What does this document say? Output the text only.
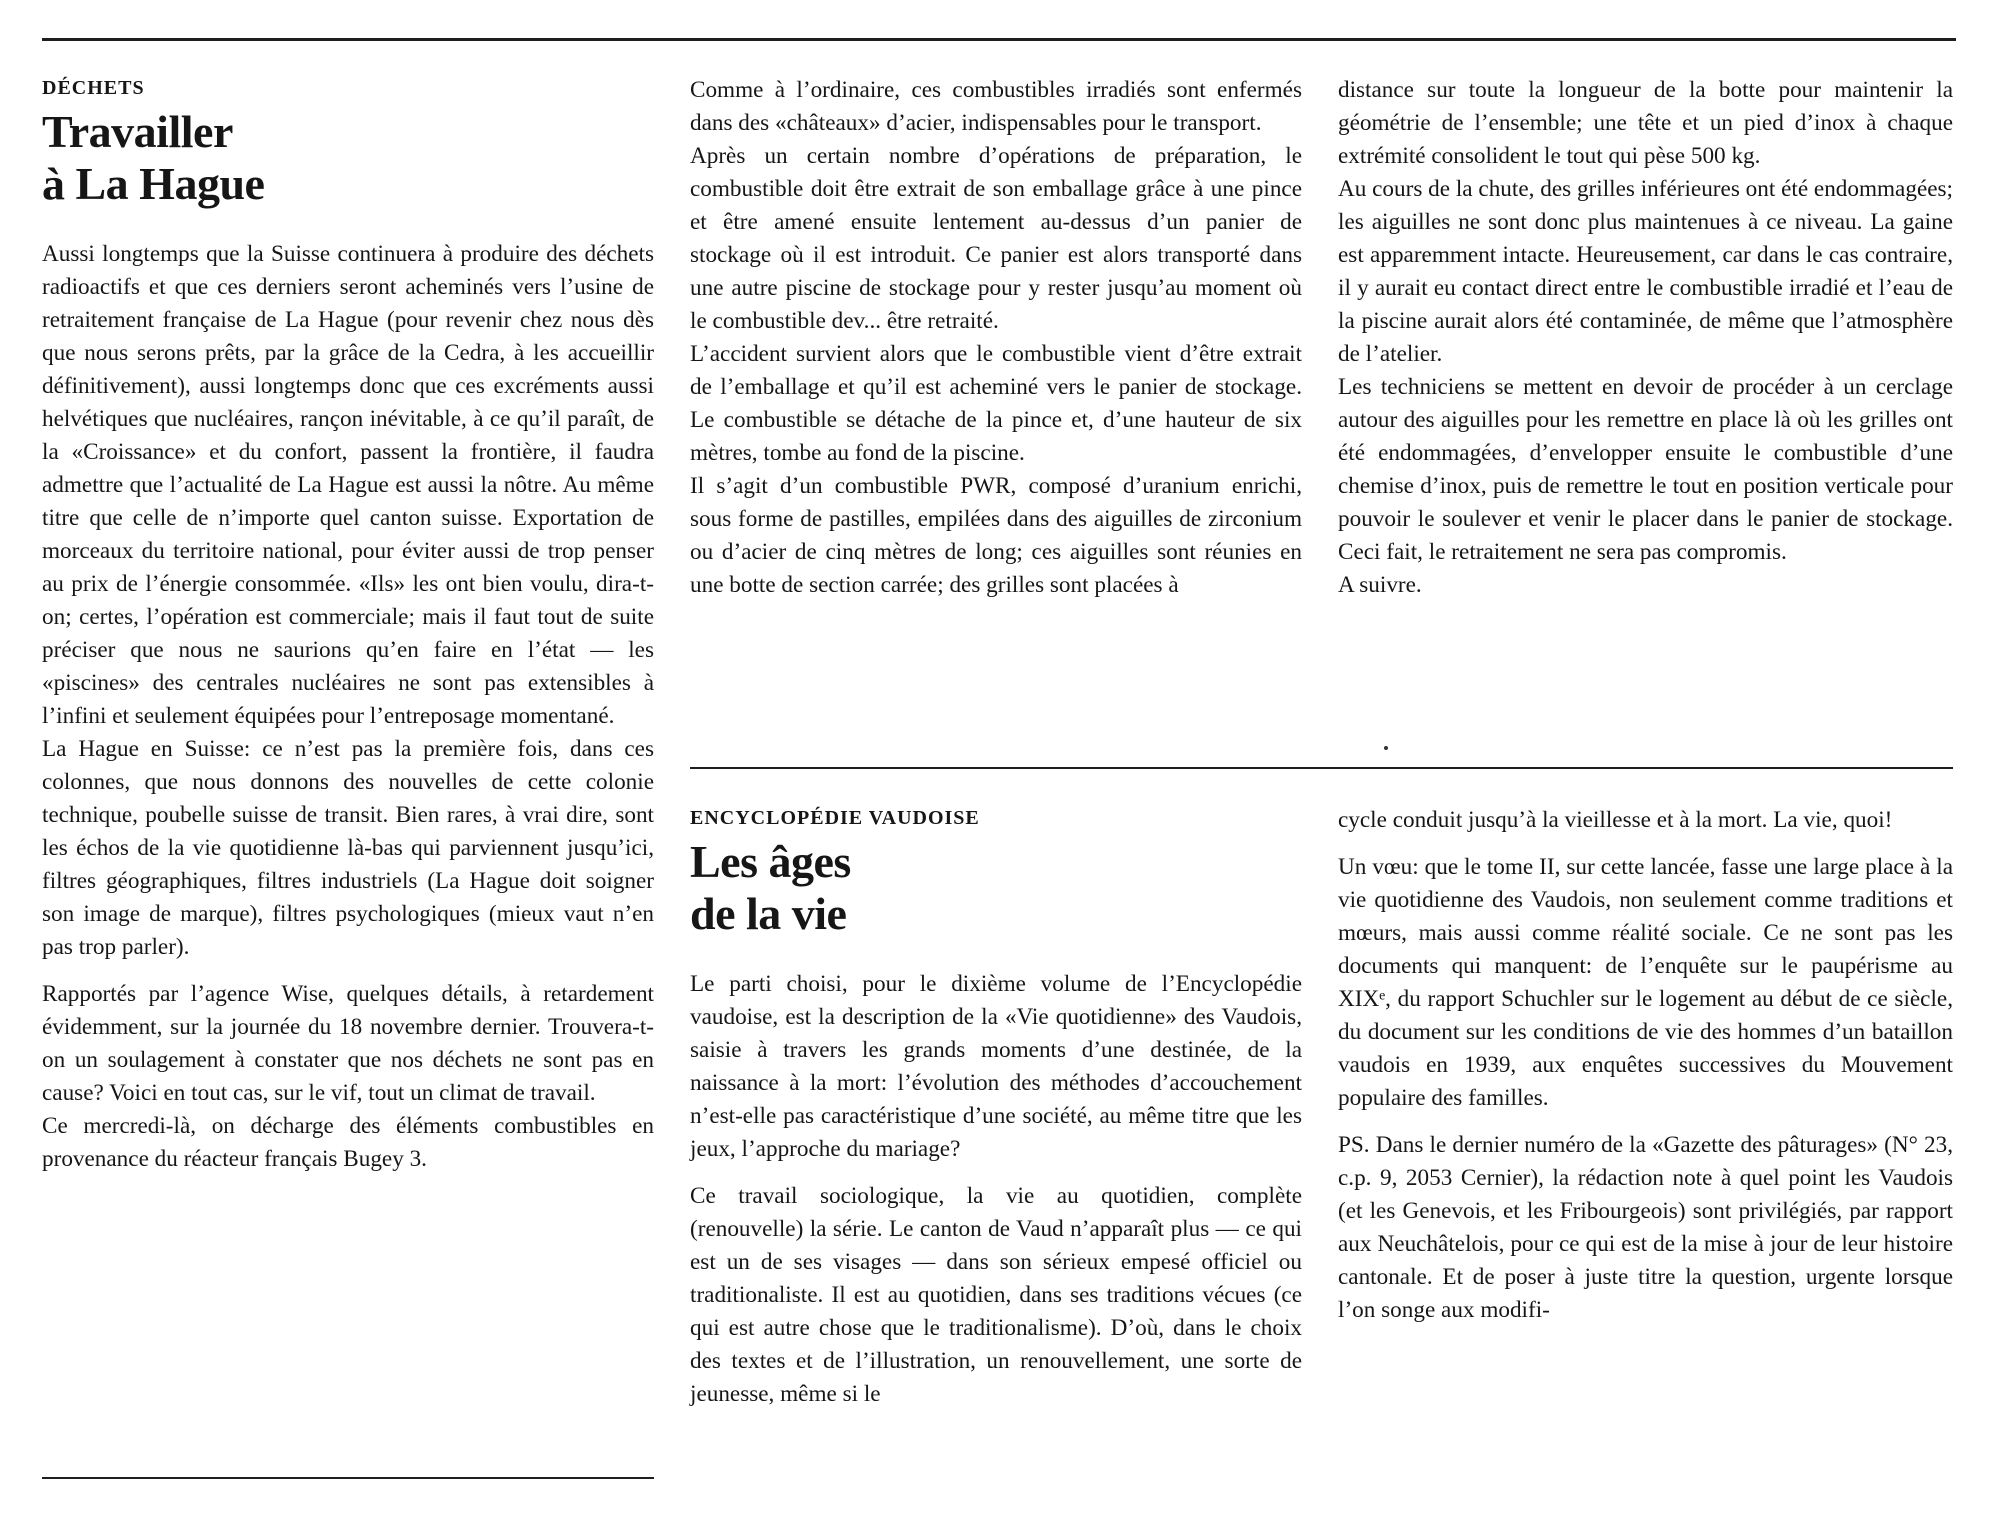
DÉCHETS
Travailler
à La Hague

Aussi longtemps que la Suisse continuera à produire des déchets radioactifs et que ces derniers seront acheminés vers l’usine de retraitement française de La Hague (pour revenir chez nous dès que nous serons prêts, par la grâce de la Cedra, à les accueillir définitivement), aussi longtemps donc que ces excréments aussi helvétiques que nucléaires, rançon inévitable, à ce qu’il paraît, de la «Croissance» et du confort, passent la frontière, il faudra admettre que l’actualité de La Hague est aussi la nôtre. Au même titre que celle de n’importe quel canton suisse. Exportation de morceaux du territoire national, pour éviter aussi de trop penser au prix de l’énergie consommée. «Ils» les ont bien voulu, dira-t-on; certes, l’opération est commerciale; mais il faut tout de suite préciser que nous ne saurions qu’en faire en l’état — les «piscines» des centrales nucléaires ne sont pas extensibles à l’infini et seulement équipées pour l’entreposage momentané.

La Hague en Suisse: ce n’est pas la première fois, dans ces colonnes, que nous donnons des nouvelles de cette colonie technique, poubelle suisse de transit. Bien rares, à vrai dire, sont les échos de la vie quotidienne là-bas qui parviennent jusqu’ici, filtres géographiques, filtres industriels (La Hague doit soigner son image de marque), filtres psychologiques (mieux vaut n’en pas trop parler).

Rapportés par l’agence Wise, quelques détails, à retardement évidemment, sur la journée du 18 novembre dernier. Trouvera-t-on un soulagement à constater que nos déchets ne sont pas en cause? Voici en tout cas, sur le vif, tout un climat de travail.

Ce mercredi-là, on décharge des éléments combustibles en provenance du réacteur français Bugey 3.

Comme à l’ordinaire, ces combustibles irradiés sont enfermés dans des «châteaux» d’acier, indispensables pour le transport.

Après un certain nombre d’opérations de préparation, le combustible doit être extrait de son emballage grâce à une pince et être amené ensuite lentement au-dessus d’un panier de stockage où il est introduit. Ce panier est alors transporté dans une autre piscine de stockage pour y rester jusqu’au moment où le combustible dev... être retraité.

L’accident survient alors que le combustible vient d’être extrait de l’emballage et qu’il est acheminé vers le panier de stockage. Le combustible se détache de la pince et, d’une hauteur de six mètres, tombe au fond de la piscine.

Il s’agit d’un combustible PWR, composé d’uranium enrichi, sous forme de pastilles, empilées dans des aiguilles de zirconium ou d’acier de cinq mètres de long; ces aiguilles sont réunies en une botte de section carrée; des grilles sont placées à

distance sur toute la longueur de la botte pour maintenir la géométrie de l’ensemble; une tête et un pied d’inox à chaque extrémité consolident le tout qui pèse 500 kg.

Au cours de la chute, des grilles inférieures ont été endommagées; les aiguilles ne sont donc plus maintenues à ce niveau. La gaine est apparemment intacte. Heureusement, car dans le cas contraire, il y aurait eu contact direct entre le combustible irradié et l’eau de la piscine aurait alors été contaminée, de même que l’atmosphère de l’atelier.

Les techniciens se mettent en devoir de procéder à un cerclage autour des aiguilles pour les remettre en place là où les grilles ont été endommagées, d’envelopper ensuite le combustible d’une chemise d’inox, puis de remettre le tout en position verticale pour pouvoir le soulever et venir le placer dans le panier de stockage. Ceci fait, le retraitement ne sera pas compromis.

A suivre.

ENCYCLOPÉDIE VAUDOISE
Les âges
de la vie

Le parti choisi, pour le dixième volume de l’Encyclopédie vaudoise, est la description de la «Vie quotidienne» des Vaudois, saisie à travers les grands moments d’une destinée, de la naissance à la mort: l’évolution des méthodes d’accouchement n’est-elle pas caractéristique d’une société, au même titre que les jeux, l’approche du mariage?

Ce travail sociologique, la vie au quotidien, complète (renouvelle) la série. Le canton de Vaud n’apparaît plus — ce qui est un de ses visages — dans son sérieux empesé officiel ou traditionaliste. Il est au quotidien, dans ses traditions vécues (ce qui est autre chose que le traditionalisme). D’où, dans le choix des textes et de l’illustration, un renouvellement, une sorte de jeunesse, même si le

cycle conduit jusqu’à la vieillesse et à la mort. La vie, quoi!

Un vœu: que le tome II, sur cette lancée, fasse une large place à la vie quotidienne des Vaudois, non seulement comme traditions et mœurs, mais aussi comme réalité sociale. Ce ne sont pas les documents qui manquent: de l’enquête sur le paupérisme au XIXᵉ, du rapport Schuchler sur le logement au début de ce siècle, du document sur les conditions de vie des hommes d’un bataillon vaudois en 1939, aux enquêtes successives du Mouvement populaire des familles.

PS. Dans le dernier numéro de la «Gazette des pâturages» (N° 23, c.p. 9, 2053 Cernier), la rédaction note à quel point les Vaudois (et les Genevois, et les Fribourgeois) sont privilégiés, par rapport aux Neuchâtelois, pour ce qui est de la mise à jour de leur histoire cantonale. Et de poser à juste titre la question, urgente lorsque l’on songe aux modifi-
